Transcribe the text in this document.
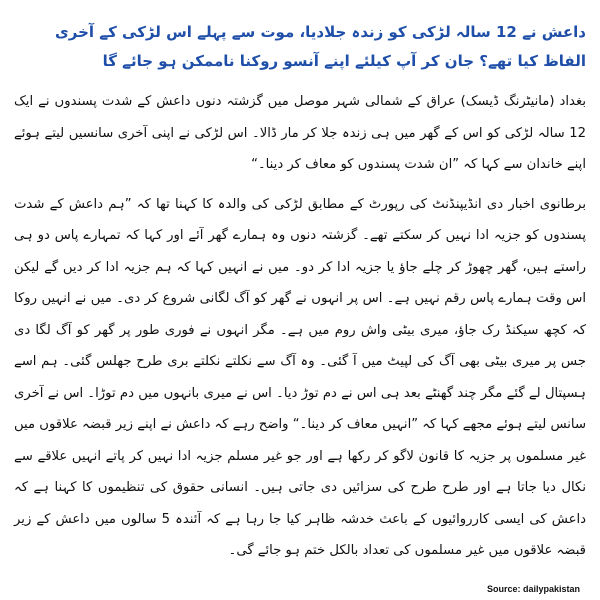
داعش نے 12 سالہ لڑکی کو زندہ جلادیا، موت سے پہلے اس لڑکی کے آخری الفاظ کیا تھے؟ جان کر آپ کیلئے اپنے آنسو روکنا ناممکن ہو جائے گا
بغداد (مانیٹرنگ ڈیسک) عراق کے شمالی شہر موصل میں گزشتہ دنوں داعش کے شدت پسندوں نے ایک 12 سالہ لڑکی کو اس کے گھر میں ہی زندہ جلا کر مار ڈالا۔ اس لڑکی نے اپنی آخری سانسیں لیتے ہوئے اپنے خاندان سے کہا کہ ”ان شدت پسندوں کو معاف کر دینا۔“
برطانوی اخبار دی انڈیپنڈنٹ کی رپورٹ کے مطابق لڑکی کی والدہ کا کہنا تھا کہ ”ہم داعش کے شدت پسندوں کو جزیہ ادا نہیں کر سکتے تھے۔ گزشتہ دنوں وہ ہمارے گھر آئے اور کہا کہ تمہارے پاس دو ہی راستے ہیں، گھر چھوڑ کر چلے جاؤ یا جزیہ ادا کر دو۔ میں نے انہیں کہا کہ ہم جزیہ ادا کر دیں گے لیکن اس وقت ہمارے پاس رقم نہیں ہے۔ اس پر انہوں نے گھر کو آگ لگانی شروع کر دی۔ میں نے انہیں روکا کہ کچھ سیکنڈ رک جاؤ، میری بیٹی واش روم میں ہے۔ مگر انہوں نے فوری طور پر گھر کو آگ لگا دی جس پر میری بیٹی بھی آگ کی لپیٹ میں آ گئی۔ وہ آگ سے نکلتے نکلتے بری طرح جھلس گئی۔ ہم اسے ہسپتال لے گئے مگر چند گھنٹے بعد ہی اس نے دم توڑ دیا۔ اس نے میری بانہوں میں دم توڑا۔ اس نے آخری سانس لیتے ہوئے مجھے کہا کہ ”انہیں معاف کر دینا۔“ واضح رہے کہ داعش نے اپنے زیر قبضہ علاقوں میں غیر مسلموں پر جزیہ کا قانون لاگو کر رکھا ہے اور جو غیر مسلم جزیہ ادا نہیں کر پاتے انہیں علاقے سے نکال دیا جاتا ہے اور طرح طرح کی سزائیں دی جاتی ہیں۔ انسانی حقوق کی تنظیموں کا کہنا ہے کہ داعش کی ایسی کارروائیوں کے باعث خدشہ ظاہر کیا جا رہا ہے کہ آئندہ 5 سالوں میں داعش کے زیر قبضہ علاقوں میں غیر مسلموں کی تعداد بالکل ختم ہو جائے گی۔
Source: dailypakistan
